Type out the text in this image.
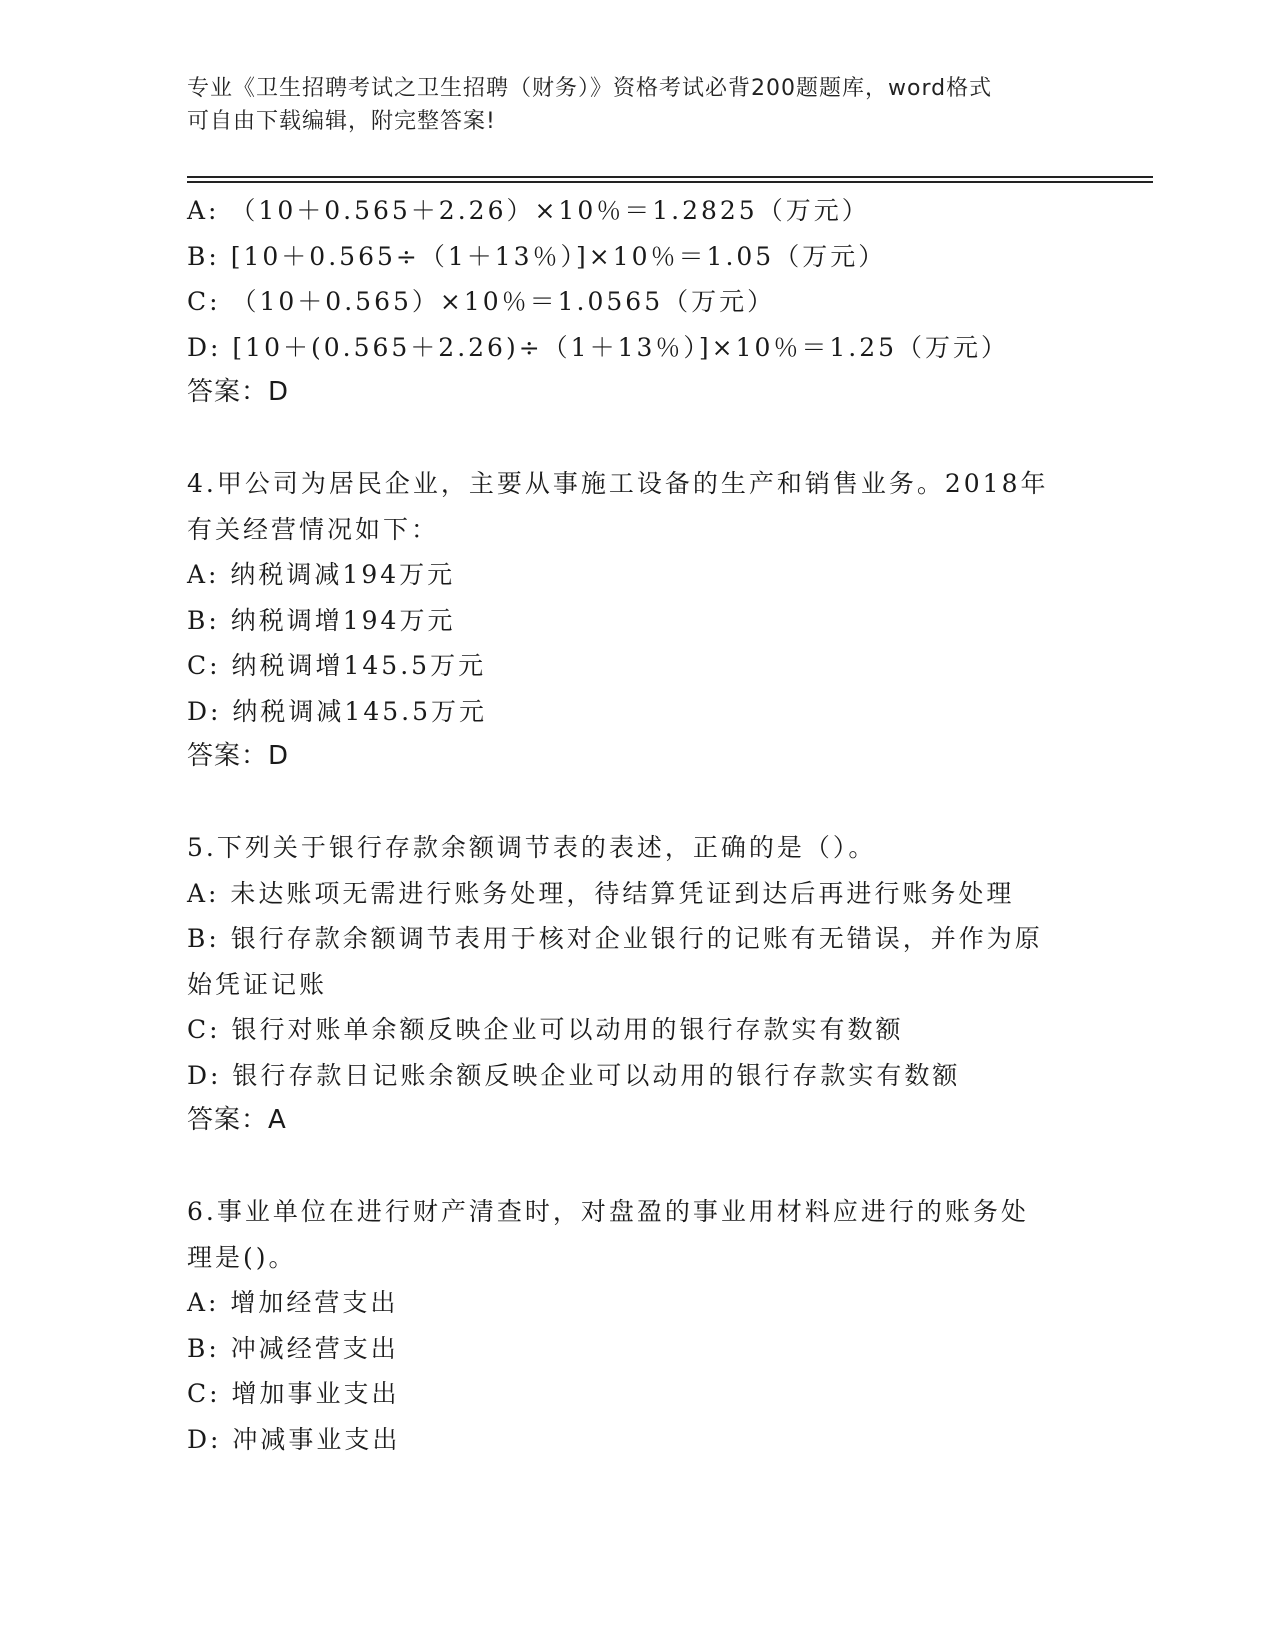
专业《卫生招聘考试之卫生招聘（财务）》资格考试必背200题题库，word格式
可自由下载编辑，附完整答案!
A: （10＋0.565＋2.26）×10％＝1.2825（万元）
B: [10＋0.565÷（1＋13％）]×10％＝1.05（万元）
C: （10＋0.565）×10％＝1.0565（万元）
D: [10＋(0.565＋2.26)÷（1＋13％）]×10％＝1.25（万元）
答案：D
4.甲公司为居民企业，主要从事施工设备的生产和销售业务。2018年
有关经营情况如下：
A: 纳税调减194万元
B: 纳税调增194万元
C: 纳税调增145.5万元
D: 纳税调减145.5万元
答案：D
5.下列关于银行存款余额调节表的表述，正确的是（）。
A: 未达账项无需进行账务处理，待结算凭证到达后再进行账务处理
B: 银行存款余额调节表用于核对企业银行的记账有无错误，并作为原
始凭证记账
C: 银行对账单余额反映企业可以动用的银行存款实有数额
D: 银行存款日记账余额反映企业可以动用的银行存款实有数额
答案：A
6.事业单位在进行财产清查时，对盘盈的事业用材料应进行的账务处
理是()。
A: 增加经营支出
B: 冲减经营支出
C: 增加事业支出
D: 冲减事业支出
